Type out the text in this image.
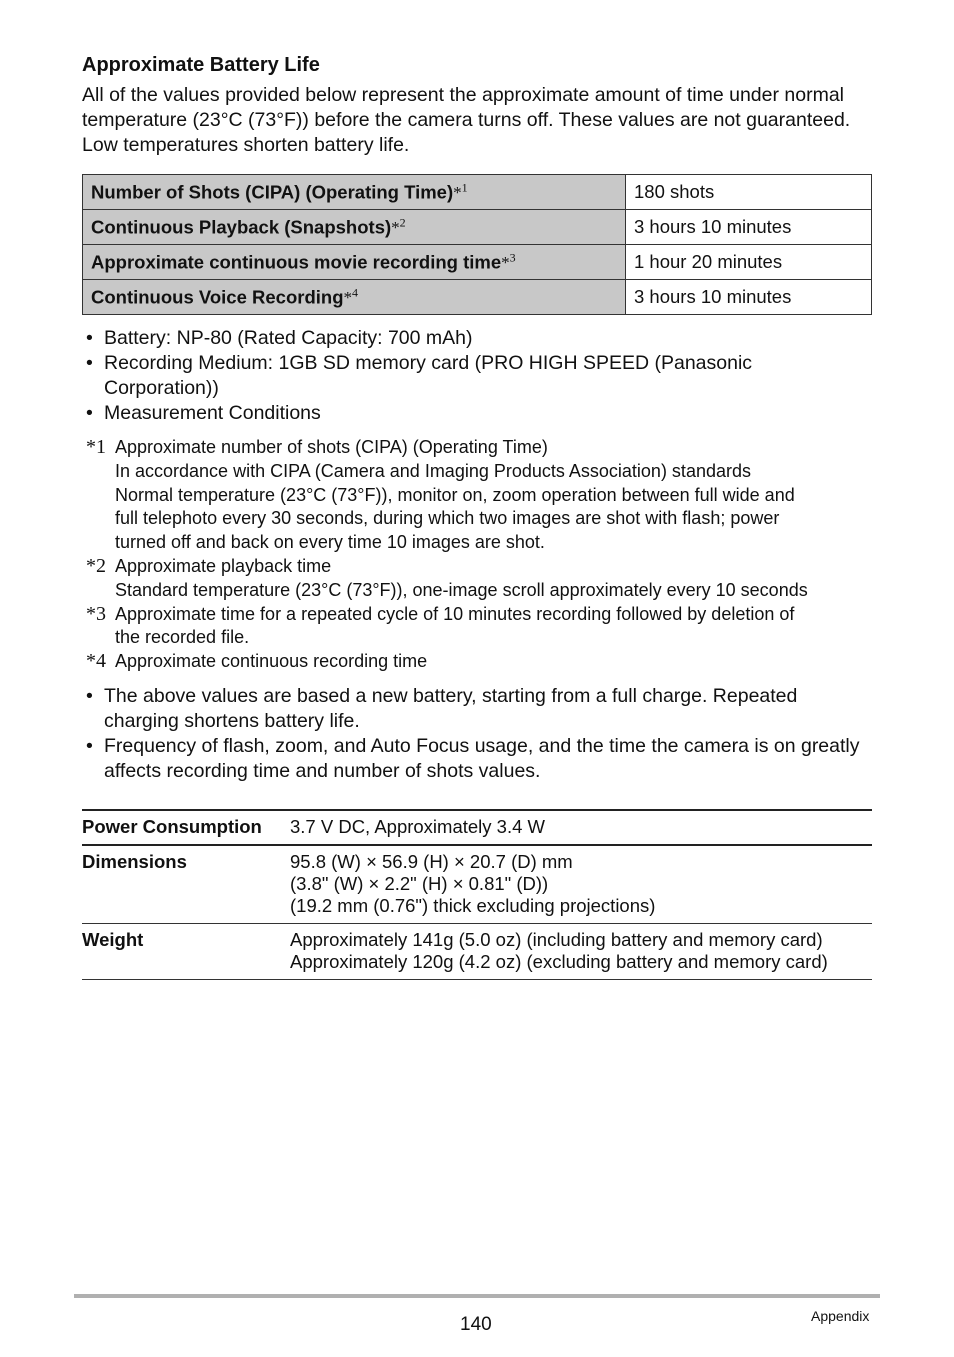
Approximate Battery Life
All of the values provided below represent the approximate amount of time under normal temperature (23°C (73°F)) before the camera turns off. These values are not guaranteed. Low temperatures shorten battery life.
Number of Shots (CIPA) (Operating Time)*$^1$	180 shots
Continuous Playback (Snapshots)*$^2$	3 hours 10 minutes
Approximate continuous movie recording time*$^3$	1 hour 20 minutes
Continuous Voice Recording*$^4$	3 hours 10 minutes
• Battery: NP-80 (Rated Capacity: 700 mAh)
• Recording Medium: 1GB SD memory card (PRO HIGH SPEED (Panasonic Corporation))
• Measurement Conditions
*1 Approximate number of shots (CIPA) (Operating Time)
In accordance with CIPA (Camera and Imaging Products Association) standards
Normal temperature (23°C (73°F)), monitor on, zoom operation between full wide and
full telephoto every 30 seconds, during which two images are shot with flash; power
turned off and back on every time 10 images are shot.
*2 Approximate playback time
Standard temperature (23°C (73°F)), one-image scroll approximately every 10 seconds
*3 Approximate time for a repeated cycle of 10 minutes recording followed by deletion of
the recorded file.
*4 Approximate continuous recording time
• The above values are based a new battery, starting from a full charge. Repeated charging shortens battery life.
• Frequency of flash, zoom, and Auto Focus usage, and the time the camera is on greatly affects recording time and number of shots values.
Power Consumption	3.7 V DC, Approximately 3.4 W

Dimensions	95.8 (W) × 56.9 (H) × 20.7 (D) mm
(3.8" (W) × 2.2" (H) × 0.81" (D))
(19.2 mm (0.76") thick excluding projections)

Weight	Approximately 141g (5.0 oz) (including battery and memory card)
Approximately 120g (4.2 oz) (excluding battery and memory card)
140	Appendix
